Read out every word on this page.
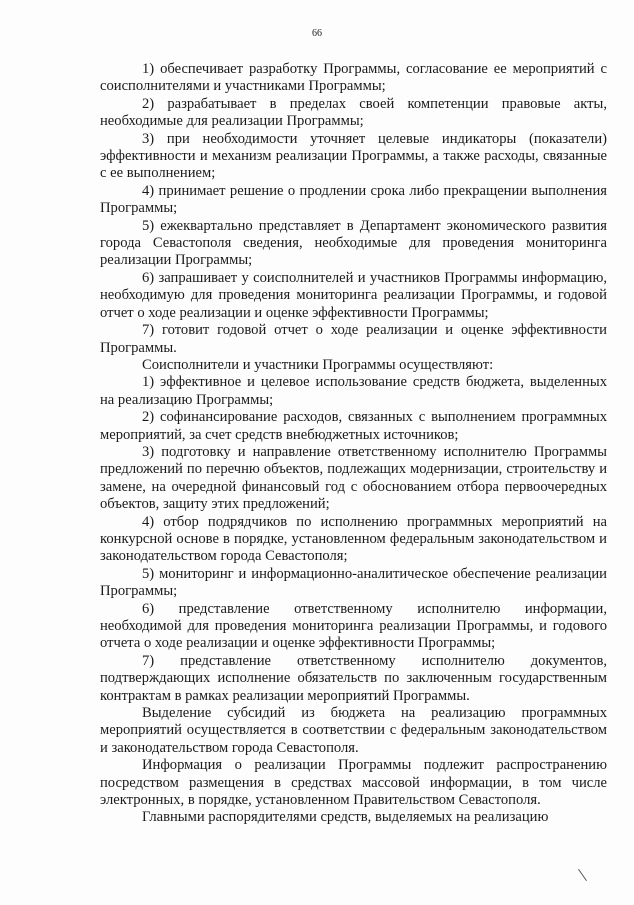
66

1) обеспечивает разработку Программы, согласование ее мероприятий с соисполнителями и участниками Программы;

2) разрабатывает в пределах своей компетенции правовые акты, необходимые для реализации Программы;

3) при необходимости уточняет целевые индикаторы (показатели) эффективности и механизм реализации Программы, а также расходы, связанные с ее выполнением;

4) принимает решение о продлении срока либо прекращении выполнения Программы;

5) ежеквартально представляет в Департамент экономического развития города Севастополя сведения, необходимые для проведения мониторинга реализации Программы;

6) запрашивает у соисполнителей и участников Программы информацию, необходимую для проведения мониторинга реализации Программы, и годовой отчет о ходе реализации и оценке эффективности Программы;

7) готовит годовой отчет о ходе реализации и оценке эффективности Программы.

Соисполнители и участники Программы осуществляют:

1) эффективное и целевое использование средств бюджета, выделенных на реализацию Программы;

2) софинансирование расходов, связанных с выполнением программных мероприятий, за счет средств внебюджетных источников;

3) подготовку и направление ответственному исполнителю Программы предложений по перечню объектов, подлежащих модернизации, строительству и замене, на очередной финансовый год с обоснованием отбора первоочередных объектов, защиту этих предложений;

4) отбор подрядчиков по исполнению программных мероприятий на конкурсной основе в порядке, установленном федеральным законодательством и законодательством города Севастополя;

5) мониторинг и информационно-аналитическое обеспечение реализации Программы;

6) представление ответственному исполнителю информации, необходимой для проведения мониторинга реализации Программы, и годового отчета о ходе реализации и оценке эффективности Программы;

7) представление ответственному исполнителю документов, подтверждающих исполнение обязательств по заключенным государственным контрактам в рамках реализации мероприятий Программы.

Выделение субсидий из бюджета на реализацию программных мероприятий осуществляется в соответствии с федеральным законодательством и законодательством города Севастополя.

Информация о реализации Программы подлежит распространению посредством размещения в средствах массовой информации, в том числе электронных, в порядке, установленном Правительством Севастополя.

Главными распорядителями средств, выделяемых на реализацию
